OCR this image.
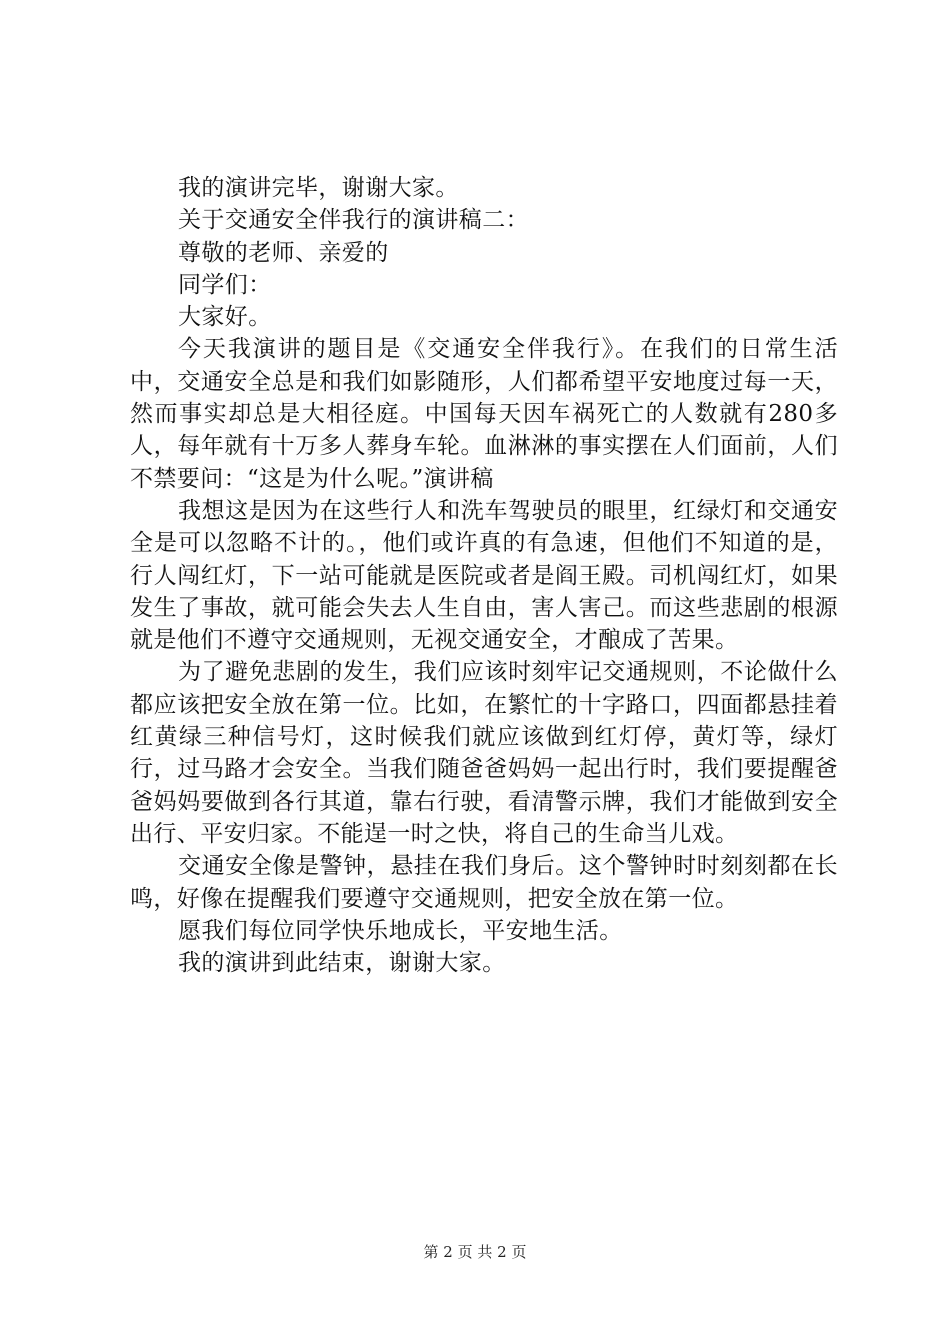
我的演讲完毕，谢谢大家。

关于交通安全伴我行的演讲稿二：

尊敬的老师、亲爱的

同学们：

大家好。

今天我演讲的题目是《交通安全伴我行》。在我们的日常生活中，交通安全总是和我们如影随形，人们都希望平安地度过每一天，然而事实却总是大相径庭。中国每天因车祸死亡的人数就有280多人，每年就有十万多人葬身车轮。血淋淋的事实摆在人们面前，人们不禁要问：“这是为什么呢。”演讲稿

我想这是因为在这些行人和洗车驾驶员的眼里，红绿灯和交通安全是可以忽略不计的。，他们或许真的有急速，但他们不知道的是，行人闯红灯，下一站可能就是医院或者是阎王殿。司机闯红灯，如果发生了事故，就可能会失去人生自由，害人害己。而这些悲剧的根源就是他们不遵守交通规则，无视交通安全，才酿成了苦果。

为了避免悲剧的发生，我们应该时刻牢记交通规则，不论做什么都应该把安全放在第一位。比如，在繁忙的十字路口，四面都悬挂着红黄绿三种信号灯，这时候我们就应该做到红灯停，黄灯等，绿灯行，过马路才会安全。当我们随爸爸妈妈一起出行时，我们要提醒爸爸妈妈要做到各行其道，靠右行驶，看清警示牌，我们才能做到安全出行、平安归家。不能逞一时之快，将自己的生命当儿戏。

交通安全像是警钟，悬挂在我们身后。这个警钟时时刻刻都在长鸣，好像在提醒我们要遵守交通规则，把安全放在第一位。

愿我们每位同学快乐地成长，平安地生活。

我的演讲到此结束，谢谢大家。

第 2 页 共 2 页
